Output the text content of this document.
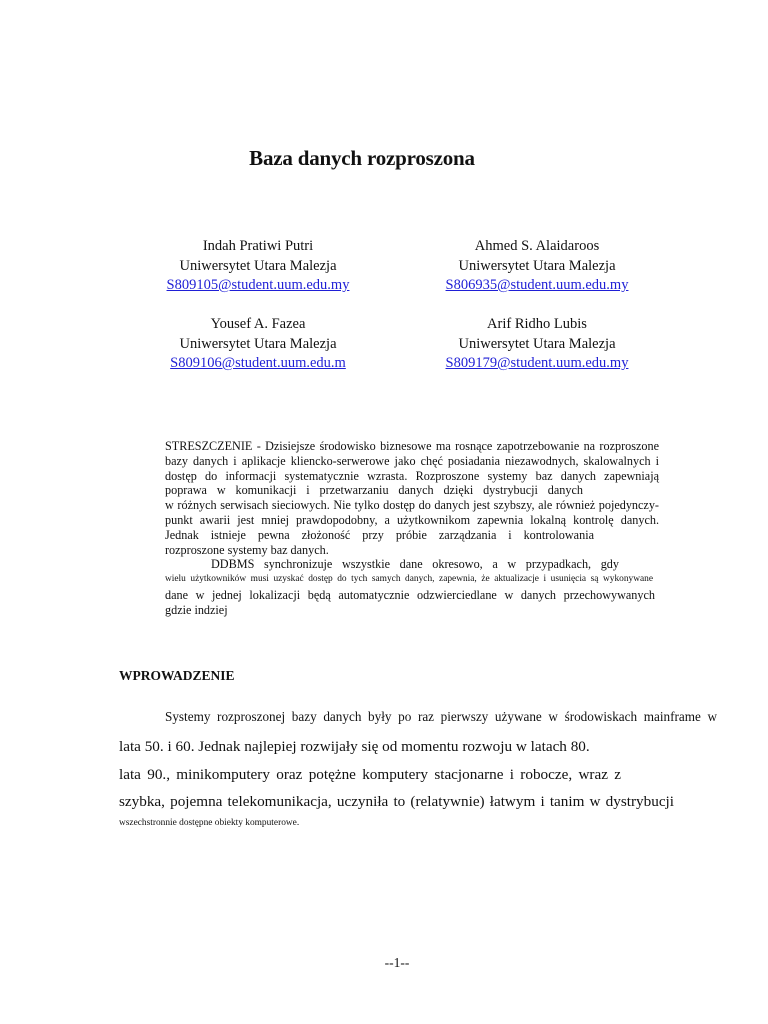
Baza danych rozproszona
Indah Pratiwi Putri
Uniwersytet Utara Malezja
S809105@student.uum.edu.my
Ahmed S. Alaidaroos
Uniwersytet Utara Malezja
S806935@student.uum.edu.my
Yousef A. Fazea
Uniwersytet Utara Malezja
S809106@student.uum.edu.m
Arif Ridho Lubis
Uniwersytet Utara Malezja
S809179@student.uum.edu.my
STRESZCZENIE - Dzisiejsze środowisko biznesowe ma rosnące zapotrzebowanie na rozproszone
bazy danych i aplikacje kliencko-serwerowe jako chęć posiadania niezawodnych, skalowalnych i
dostęp do informacji systematycznie wzrasta. Rozproszone systemy baz danych zapewniają
poprawa w komunikacji i przetwarzaniu danych dzięki dystrybucji danych
w różnych serwisach sieciowych. Nie tylko dostęp do danych jest szybszy, ale również pojedynczy-
punkt awarii jest mniej prawdopodobny, a użytkownikom zapewnia lokalną kontrolę danych.
Jednak istnieje pewna złożoność przy próbie zarządzania i kontrolowania
rozproszone systemy baz danych.
DDBMS synchronizuje wszystkie dane okresowo, a w przypadkach, gdy
wielu użytkowników musi uzyskać dostęp do tych samych danych, zapewnia, że aktualizacje i usunięcia są wykonywane
dane w jednej lokalizacji będą automatycznie odzwierciedlane w danych przechowywanych
gdzie indziej
WPROWADZENIE
Systemy rozproszonej bazy danych były po raz pierwszy używane w środowiskach mainframe w
lata 50. i 60. Jednak najlepiej rozwijały się od momentu rozwoju w latach 80.
lata 90., minikomputery oraz potężne komputery stacjonarne i robocze, wraz z
szybka, pojemna telekomunikacja, uczyniła to (relatywnie) łatwym i tanim w dystrybucji
wszechstronnie dostępne obiekty komputerowe.
--1--
